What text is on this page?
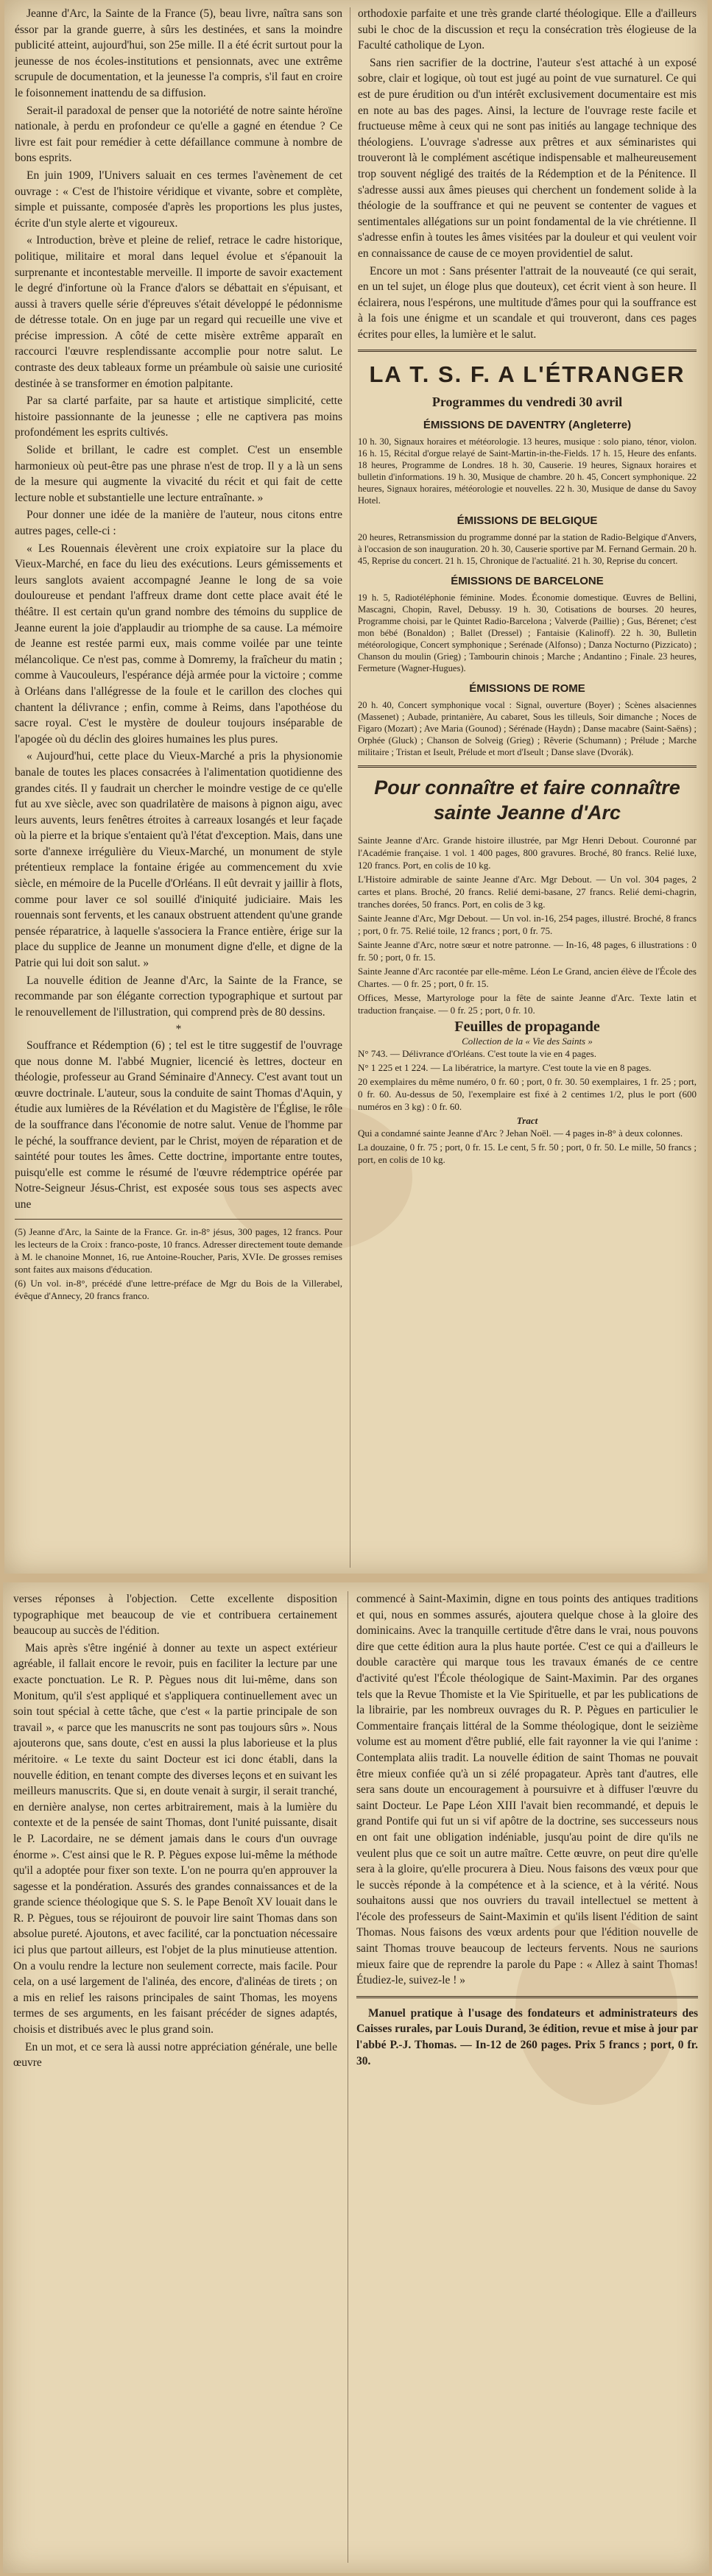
Jeanne d'Arc, la Sainte de la France (5), beau livre, naîtra sans son éssor par la grande guerre, à sûrs les destinées, et sans la moindre publicité atteint, aujourd'hui, son 25e mille. Il a été écrit surtout pour la jeunesse de nos écoles-institutions et pensionnats, avec une extrême scrupule de documentation, et la jeunesse l'a compris, s'il faut en croire le foisonnement inattendu de sa diffusion.

Serait-il paradoxal de penser que la notoriété de notre sainte héroïne nationale, à perdu en profondeur ce qu'elle a gagné en étendue ? Ce livre est fait pour remédier à cette défaillance commune à nombre de bons esprits.

En juin 1909, l'Univers saluait en ces termes l'avènement de cet ouvrage : « C'est de l'histoire véridique et vivante, sobre et complète, simple et puissante, composée d'après les proportions les plus justes, écrite d'un style alerte et vigoureux.

« Introduction, brève et pleine de relief, retrace le cadre historique, politique, militaire et moral dans lequel évolue et s'épanouit la surprenante et incontestable merveille. Il importe de savoir exactement le degré d'infortune où la France d'alors se débattait en s'épuisant, et aussi à travers quelle série d'épreuves s'était développé le pédonnisme de détresse totale. On en juge par un regard qui recueille une vive et précise impression. A côté de cette misère extrême apparaît en raccourci l'œuvre resplendissante accomplie pour notre salut. Le contraste des deux tableaux forme un préambule où saisie une curiosité destinée à se transformer en émotion palpitante.

Par sa clarté parfaite, par sa haute et artistique simplicité, cette histoire passionnante de la jeunesse ; elle ne captivera pas moins profondément les esprits cultivés.

Solide et brillant, le cadre est complet. C'est un ensemble harmonieux où peut-être pas une phrase n'est de trop. Il y a là un sens de la mesure qui augmente la vivacité du récit et qui fait de cette lecture noble et substantielle une lecture entraînante. »

Pour donner une idée de la manière de l'auteur, nous citons entre autres pages, celle-ci :

« Les Rouennais élevèrent une croix expiatoire sur la place du Vieux-Marché, en face du lieu des exécutions. Leurs gémissements et leurs sanglots avaient accompagné Jeanne le long de sa voie douloureuse et pendant l'affreux drame dont cette place avait été le théâtre. Il est certain qu'un grand nombre des témoins du supplice de Jeanne eurent la joie d'applaudir au triomphe de sa cause. La mémoire de Jeanne est restée parmi eux, mais comme voilée par une teinte mélancolique. Ce n'est pas, comme à Domremy, la fraîcheur du matin ; comme à Vaucouleurs, l'espérance déjà armée pour la victoire ; comme à Orléans dans l'allégresse de la foule et le carillon des cloches qui chantent la délivrance ; enfin, comme à Reims, dans l'apothéose du sacre royal. C'est le mystère de douleur toujours inséparable de l'apogée où du déclin des gloires humaines les plus pures.

« Aujourd'hui, cette place du Vieux-Marché a pris la physionomie banale de toutes les places consacrées à l'alimentation quotidienne des grandes cités. Il y faudrait un chercher le moindre vestige de ce qu'elle fut au xve siècle, avec son quadrilatère de maisons à pignon aigu, avec leurs auvents, leurs fenêtres étroites à carreaux losangés et leur façade où la pierre et la brique s'entaient qu'à l'état d'exception. Mais, dans une sorte d'annexe irrégulière du Vieux-Marché, un monument de style prétentieux remplace la fontaine érigée au commencement du xvie siècle, en mémoire de la Pucelle d'Orléans. Il eût devrait y jaillir à flots, comme pour laver ce sol souillé d'iniquité judiciaire. Mais les rouennais sont fervents, et les canaux obstruent attendent qu'une grande pensée réparatrice, à laquelle s'associera la France entière, érige sur la place du supplice de Jeanne un monument digne d'elle, et digne de la Patrie qui lui doit son salut. »

La nouvelle édition de Jeanne d'Arc, la Sainte de la France, se recommande par son élégante correction typographique et surtout par le renouvellement de l'illustration, qui comprend près de 80 dessins.

*

Souffrance et Rédemption (6) ; tel est le titre suggestif de l'ouvrage que nous donne M. l'abbé Mugnier, licencié ès lettres, docteur en théologie, professeur au Grand Séminaire d'Annecy. C'est avant tout un œuvre doctrinale. L'auteur, sous la conduite de saint Thomas d'Aquin, y étudie aux lumières de la Révélation et du Magistère de l'Église, le rôle de la souffrance dans l'économie de notre salut. Venue de l'homme par le péché, la souffrance devient, par le Christ, moyen de réparation et de saintété pour toutes les âmes. Cette doctrine, importante entre toutes, puisqu'elle est comme le résumé de l'œuvre rédemptrice opérée par Notre-Seigneur Jésus-Christ, est exposée sous tous ses aspects avec une

(5) Jeanne d'Arc, la Sainte de la France. Gr. in-8° jésus, 300 pages, 12 francs. Pour les lecteurs de la Croix : franco-poste, 10 francs. Adresser directement toute demande à M. le chanoine Monnet, 16, rue Antoine-Roucher, Paris, XVIe. De grosses remises sont faites aux maisons d'éducation.

(6) Un vol. in-8°, précédé d'une lettre-préface de Mgr du Bois de la Villerabel, évêque d'Annecy, 20 francs franco.

orthodoxie parfaite et une très grande clarté théologique. Elle a d'ailleurs subi le choc de la discussion et reçu la consécration très élogieuse de la Faculté catholique de Lyon.

Sans rien sacrifier de la doctrine, l'auteur s'est attaché à un exposé sobre, clair et logique, où tout est jugé au point de vue surnaturel. Ce qui est de pure érudition ou d'un intérêt exclusivement documentaire est mis en note au bas des pages. Ainsi, la lecture de l'ouvrage reste facile et fructueuse même à ceux qui ne sont pas initiés au langage technique des théologiens. L'ouvrage s'adresse aux prêtres et aux séminaristes qui trouveront là le complément ascétique indispensable et malheureusement trop souvent négligé des traités de la Rédemption et de la Pénitence. Il s'adresse aussi aux âmes pieuses qui cherchent un fondement solide à la théologie de la souffrance et qui ne peuvent se contenter de vagues et sentimentales allégations sur un point fondamental de la vie chrétienne. Il s'adresse enfin à toutes les âmes visitées par la douleur et qui veulent voir en connaissance de cause de ce moyen providentiel de salut.

Encore un mot : Sans présenter l'attrait de la nouveauté (ce qui serait, en un tel sujet, un éloge plus que douteux), cet écrit vient à son heure. Il éclairera, nous l'espérons, une multitude d'âmes pour qui la souffrance est à la fois une énigme et un scandale et qui trouveront, dans ces pages écrites pour elles, la lumière et le salut.

LA T. S. F. A L'ÉTRANGER
Programmes du vendredi 30 avril
ÉMISSIONS DE DAVENTRY (Angleterre)

10 h. 30, Signaux horaires et météorologie. 13 heures, musique : solo piano, ténor, violon. 16 h. 15, Récital d'orgue relayé de Saint-Martin-in-the-Fields. 17 h. 15, Heure des enfants. 18 heures, Programme de Londres. 18 h. 30, Causerie. 19 heures, Signaux horaires et bulletin d'informations. 19 h. 30, Musique de chambre. 20 h. 45, Concert symphonique. 22 heures, Signaux horaires, météorologie et nouvelles. 22 h. 30, Musique de danse du Savoy Hotel.

ÉMISSIONS DE BELGIQUE

20 heures, Retransmission du programme donné par la station de Radio-Belgique d'Anvers, à l'occasion de son inauguration. 20 h. 30, Causerie sportive par M. Fernand Germain. 20 h. 45, Reprise du concert. 21 h. 15, Chronique de l'actualité. 21 h. 30, Reprise du concert.

ÉMISSIONS DE BARCELONE

19 h. 5, Radiotéléphonie féminine. Modes. Économie domestique. Œuvres de Bellini, Mascagni, Chopin, Ravel, Debussy. 19 h. 30, Cotisations de bourses. 20 heures, Programme choisi, par le Quintet Radio-Barcelona ; Valverde (Paillie) ; Gus, Bérenet; c'est mon bébé (Bonaldon) ; Ballet (Dressel) ; Fantaisie (Kalinoff). 22 h. 30, Bulletin météorologique, Concert symphonique ; Serénade (Alfonso) ; Danza Nocturno (Pizzicato) ; Chanson du moulin (Grieg) ; Tambourin chinois ; Marche ; Andantino ; Finale. 23 heures, Fermeture (Wagner-Hugues).

ÉMISSIONS DE ROME

20 h. 40, Concert symphonique vocal : Signal, ouverture (Boyer) ; Scènes alsaciennes (Massenet) ; Aubade, printanière, Au cabaret, Sous les tilleuls, Soir dimanche ; Noces de Figaro (Mozart) ; Ave Maria (Gounod) ; Sérénade (Haydn) ; Danse macabre (Saint-Saëns) ; Orphée (Gluck) ; Chanson de Solveig (Grieg) ; Rêverie (Schumann) ; Prélude ; Marche militaire ; Tristan et Iseult, Prélude et mort d'Iseult ; Danse slave (Dvorák).

Pour connaître et faire connaître sainte Jeanne d'Arc

Sainte Jeanne d'Arc. Grande histoire illustrée, par Mgr Henri Debout. Couronné par l'Académie française. 1 vol. 1 400 pages, 800 gravures. Broché, 80 francs. Relié luxe, 120 francs. Port, en colis de 10 kg.

L'Histoire admirable de sainte Jeanne d'Arc. Mgr Debout. — Un vol. 304 pages, 2 cartes et plans. Broché, 20 francs. Relié demi-basane, 27 francs. Relié demi-chagrin, tranches dorées, 50 francs. Port, en colis de 3 kg.

Sainte Jeanne d'Arc, Mgr Debout. — Un vol. in-16, 254 pages, illustré. Broché, 8 francs ; port, 0 fr. 75. Relié toile, 12 francs ; port, 0 fr. 75.

Sainte Jeanne d'Arc, notre sœur et notre patronne. — In-16, 48 pages, 6 illustrations : 0 fr. 50 ; port, 0 fr. 15.

Sainte Jeanne d'Arc racontée par elle-même. Léon Le Grand, ancien élève de l'École des Chartes. — 0 fr. 25 ; port, 0 fr. 15.

Offices, Messe, Martyrologe pour la fête de sainte Jeanne d'Arc. Texte latin et traduction française. — 0 fr. 25 ; port, 0 fr. 10.

Feuilles de propagande
Collection de la « Vie des Saints »

N° 743. — Délivrance d'Orléans. C'est toute la vie en 4 pages.

N° 1 225 et 1 224. — La libératrice, la martyre. C'est toute la vie en 8 pages.

20 exemplaires du même numéro, 0 fr. 60 ; port, 0 fr. 30. 50 exemplaires, 1 fr. 25 ; port, 0 fr. 60. Au-dessus de 50, l'exemplaire est fixé à 2 centimes 1/2, plus le port (600 numéros en 3 kg) : 0 fr. 60.

Tract

Qui a condamné sainte Jeanne d'Arc ? Jehan Noël. — 4 pages in-8° à deux colonnes.

La douzaine, 0 fr. 75 ; port, 0 fr. 15. Le cent, 5 fr. 50 ; port, 0 fr. 50. Le mille, 50 francs ; port, en colis de 10 kg.

verses réponses à l'objection. Cette excellente disposition typographique met beaucoup de vie et contribuera certainement beaucoup au succès de l'édition.

Mais après s'être ingénié à donner au texte un aspect extérieur agréable, il fallait encore le revoir, puis en faciliter la lecture par une exacte ponctuation. Le R. P. Pègues nous dit lui-même, dans son Monitum, qu'il s'est appliqué et s'appliquera continuellement avec un soin tout spécial à cette tâche, que c'est « la partie principale de son travail », « parce que les manuscrits ne sont pas toujours sûrs ». Nous ajouterons que, sans doute, c'est en aussi la plus laborieuse et la plus méritoire. « Le texte du saint Docteur est ici donc établi, dans la nouvelle édition, en tenant compte des diverses leçons et en suivant les meilleurs manuscrits. Que si, en doute venait à surgir, il serait tranché, en dernière analyse, non certes arbitrairement, mais à la lumière du contexte et de la pensée de saint Thomas, dont l'unité puissante, disait le P. Lacordaire, ne se dément jamais dans le cours d'un ouvrage énorme ». C'est ainsi que le R. P. Pègues expose lui-même la méthode qu'il a adoptée pour fixer son texte. L'on ne pourra qu'en approuver la sagesse et la pondération. Assurés des grandes connaissances et de la grande science théologique que S. S. le Pape Benoît XV louait dans le R. P. Pègues, tous se réjouiront de pouvoir lire saint Thomas dans son absolue pureté. Ajoutons, et avec facilité, car la ponctuation nécessaire ici plus que partout ailleurs, est l'objet de la plus minutieuse attention. On a voulu rendre la lecture non seulement correcte, mais facile. Pour cela, on a usé largement de l'alinéa, des encore, d'alinéas de tirets ; on a mis en relief les raisons principales de saint Thomas, les moyens termes de ses arguments, en les faisant précéder de signes adaptés, choisis et distribués avec le plus grand soin.

En un mot, et ce sera là aussi notre appréciation générale, une belle œuvre

commencé à Saint-Maximin, digne en tous points des antiques traditions et qui, nous en sommes assurés, ajoutera quelque chose à la gloire des dominicains. Avec la tranquille certitude d'être dans le vrai, nous pouvons dire que cette édition aura la plus haute portée. C'est ce qui a d'ailleurs le double caractère qui marque tous les travaux émanés de ce centre d'activité qu'est l'École théologique de Saint-Maximin. Par des organes tels que la Revue Thomiste et la Vie Spirituelle, et par les publications de la librairie, par les nombreux ouvrages du R. P. Pègues en particulier le Commentaire français littéral de la Somme théologique, dont le seizième volume est au moment d'être publié, elle fait rayonner la vie qui l'anime : Contemplata aliis tradit. La nouvelle édition de saint Thomas ne pouvait être mieux confiée qu'à un si zélé propagateur. Après tant d'autres, elle sera sans doute un encouragement à poursuivre et à diffuser l'œuvre du saint Docteur. Le Pape Léon XIII l'avait bien recommandé, et depuis le grand Pontife qui fut un si vif apôtre de la doctrine, ses successeurs nous en ont fait une obligation indéniable, jusqu'au point de dire qu'ils ne veulent plus que ce soit un autre maître. Cette œuvre, on peut dire qu'elle sera à la gloire, qu'elle procurera à Dieu. Nous faisons des vœux pour que le succès réponde à la compétence et à la science, et à la vérité. Nous souhaitons aussi que nos ouvriers du travail intellectuel se mettent à l'école des professeurs de Saint-Maximin et qu'ils lisent l'édition de saint Thomas. Nous faisons des vœux ardents pour que l'édition nouvelle de saint Thomas trouve beaucoup de lecteurs fervents. Nous ne saurions mieux faire que de reprendre la parole du Pape : « Allez à saint Thomas! Étudiez-le, suivez-le ! »

Manuel pratique à l'usage des fondateurs et administrateurs des Caisses rurales, par Louis Durand, 3e édition, revue et mise à jour par l'abbé P.-J. Thomas. — In-12 de 260 pages. Prix 5 francs ; port, 0 fr. 30.
